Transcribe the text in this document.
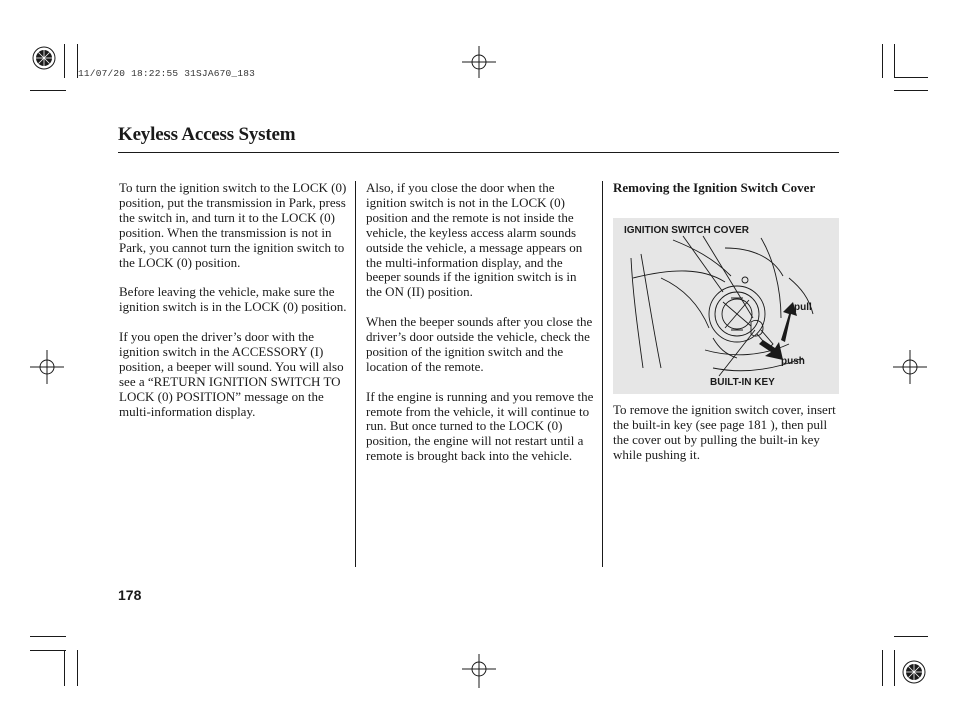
11/07/20 18:22:55 31SJA670_183
Keyless Access System

To turn the ignition switch to the LOCK (0) position, put the transmission in Park, press the switch in, and turn it to the LOCK (0) position. When the transmission is not in Park, you cannot turn the ignition switch to the LOCK (0) position.

Before leaving the vehicle, make sure the ignition switch is in the LOCK (0) position.

If you open the driver’s door with the ignition switch in the ACCESSORY (I) position, a beeper will sound. You will also see a “RETURN IGNITION SWITCH TO LOCK (0) POSITION” message on the multi-information display.

Also, if you close the door when the ignition switch is not in the LOCK (0) position and the remote is not inside the vehicle, the keyless access alarm sounds outside the vehicle, a message appears on the multi-information display, and the beeper sounds if the ignition switch is in the ON (II) position.

When the beeper sounds after you close the driver’s door outside the vehicle, check the position of the ignition switch and the location of the remote.

If the engine is running and you remove the remote from the vehicle, it will continue to run. But once turned to the LOCK (0) position, the engine will not restart until a remote is brought back into the vehicle.

Removing the Ignition Switch Cover
IGNITION SWITCH COVER
pull
push
BUILT-IN KEY

To remove the ignition switch cover, insert the built-in key (see page 181 ), then pull the cover out by pulling the built-in key while pushing it.

178
